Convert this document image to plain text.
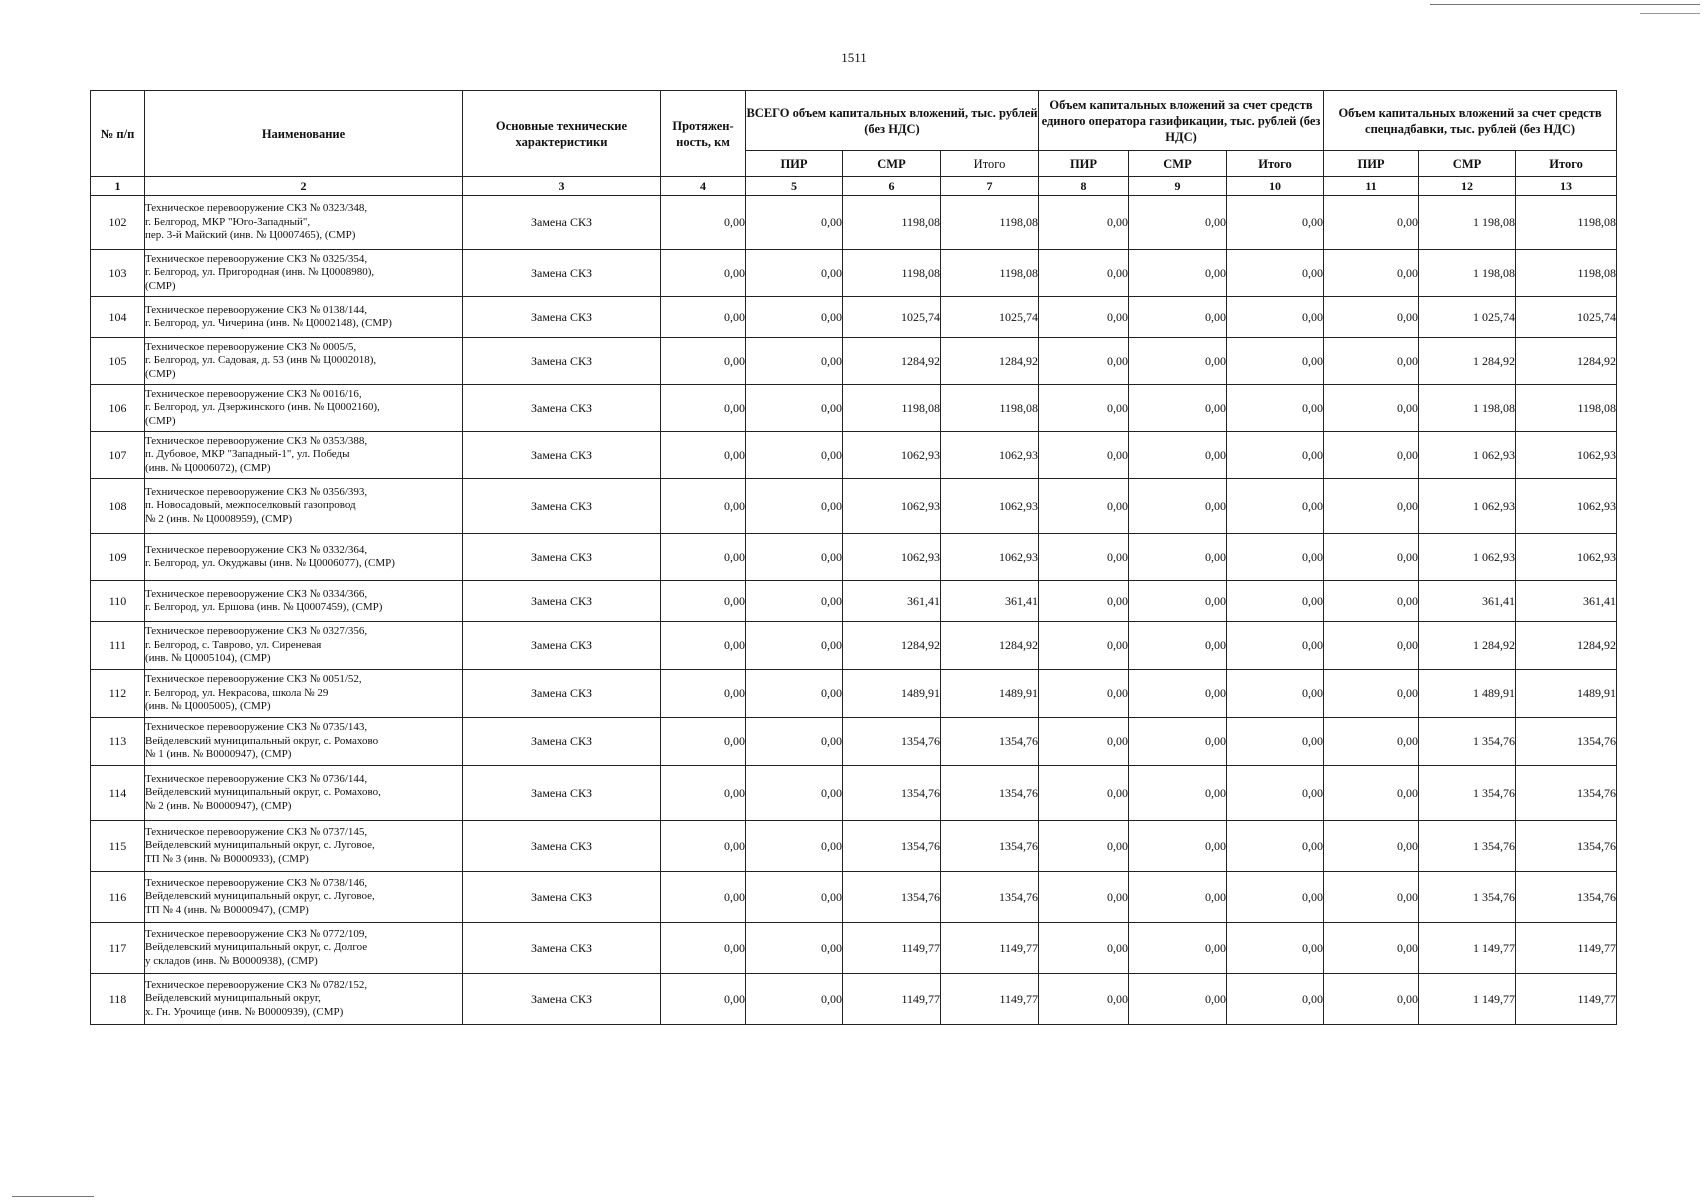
1511
№ п/п	Наименование	Основные технические характеристики	Протяжен-ность, км	ВСЕГО объем капитальных вложений, тыс. рублей (без НДС)			Объем капитальных вложений за счет средств единого оператора газификации, тыс. рублей (без НДС)			Объем капитальных вложений за счет средств спецнадбавки, тыс. рублей (без НДС)		
				ПИР	СМР	Итого	ПИР	СМР	Итого	ПИР	СМР	Итого
1	2	3	4	5	6	7	8	9	10	11	12	13
102	Техническое перевооружение СКЗ № 0323/348,
г. Белгород, МКР "Юго-Западный",
пер. 3-й Майский (инв. № Ц0007465), (СМР)	Замена СКЗ	0,00	0,00	1198,08	1198,08	0,00	0,00	0,00	0,00	1 198,08	1198,08
103	Техническое перевооружение СКЗ № 0325/354,
г. Белгород, ул. Пригородная (инв. № Ц0008980),
(СМР)	Замена СКЗ	0,00	0,00	1198,08	1198,08	0,00	0,00	0,00	0,00	1 198,08	1198,08
104	Техническое перевооружение СКЗ № 0138/144,
г. Белгород, ул. Чичерина (инв. № Ц0002148), (СМР)	Замена СКЗ	0,00	0,00	1025,74	1025,74	0,00	0,00	0,00	0,00	1 025,74	1025,74
105	Техническое перевооружение СКЗ № 0005/5,
г. Белгород, ул. Садовая, д. 53 (инв № Ц0002018),
(СМР)	Замена СКЗ	0,00	0,00	1284,92	1284,92	0,00	0,00	0,00	0,00	1 284,92	1284,92
106	Техническое перевооружение СКЗ № 0016/16,
г. Белгород, ул. Дзержинского (инв. № Ц0002160),
(СМР)	Замена СКЗ	0,00	0,00	1198,08	1198,08	0,00	0,00	0,00	0,00	1 198,08	1198,08
107	Техническое перевооружение СКЗ № 0353/388,
п. Дубовое, МКР "Западный-1", ул. Победы
(инв. № Ц0006072), (СМР)	Замена СКЗ	0,00	0,00	1062,93	1062,93	0,00	0,00	0,00	0,00	1 062,93	1062,93
108	Техническое перевооружение СКЗ № 0356/393,
п. Новосадовый, межпоселковый газопровод
№ 2 (инв. № Ц0008959), (СМР)	Замена СКЗ	0,00	0,00	1062,93	1062,93	0,00	0,00	0,00	0,00	1 062,93	1062,93
109	Техническое перевооружение СКЗ № 0332/364,
г. Белгород, ул. Окуджавы (инв. № Ц0006077), (СМР)	Замена СКЗ	0,00	0,00	1062,93	1062,93	0,00	0,00	0,00	0,00	1 062,93	1062,93
110	Техническое перевооружение СКЗ № 0334/366,
г. Белгород, ул. Ершова (инв. № Ц0007459), (СМР)	Замена СКЗ	0,00	0,00	361,41	361,41	0,00	0,00	0,00	0,00	361,41	361,41
111	Техническое перевооружение СКЗ № 0327/356,
г. Белгород, с. Таврово, ул. Сиреневая
(инв. № Ц0005104), (СМР)	Замена СКЗ	0,00	0,00	1284,92	1284,92	0,00	0,00	0,00	0,00	1 284,92	1284,92
112	Техническое перевооружение СКЗ № 0051/52,
г. Белгород, ул. Некрасова, школа № 29
(инв. № Ц0005005), (СМР)	Замена СКЗ	0,00	0,00	1489,91	1489,91	0,00	0,00	0,00	0,00	1 489,91	1489,91
113	Техническое перевооружение СКЗ № 0735/143,
Вейделевский муниципальный округ, с. Ромахово
№ 1 (инв. № В0000947), (СМР)	Замена СКЗ	0,00	0,00	1354,76	1354,76	0,00	0,00	0,00	0,00	1 354,76	1354,76
114	Техническое перевооружение СКЗ № 0736/144,
Вейделевский муниципальный округ, с. Ромахово,
№ 2 (инв. № В0000947), (СМР)	Замена СКЗ	0,00	0,00	1354,76	1354,76	0,00	0,00	0,00	0,00	1 354,76	1354,76
115	Техническое перевооружение СКЗ № 0737/145,
Вейделевский муниципальный округ, с. Луговое,
ТП № 3 (инв. № В0000933), (СМР)	Замена СКЗ	0,00	0,00	1354,76	1354,76	0,00	0,00	0,00	0,00	1 354,76	1354,76
116	Техническое перевооружение СКЗ № 0738/146,
Вейделевский муниципальный округ, с. Луговое,
ТП № 4 (инв. № В0000947), (СМР)	Замена СКЗ	0,00	0,00	1354,76	1354,76	0,00	0,00	0,00	0,00	1 354,76	1354,76
117	Техническое перевооружение СКЗ № 0772/109,
Вейделевский муниципальный округ, с. Долгое
у складов (инв. № В0000938), (СМР)	Замена СКЗ	0,00	0,00	1149,77	1149,77	0,00	0,00	0,00	0,00	1 149,77	1149,77
118	Техническое перевооружение СКЗ № 0782/152,
Вейделевский муниципальный округ,
х. Гн. Урочище (инв. № В0000939), (СМР)	Замена СКЗ	0,00	0,00	1149,77	1149,77	0,00	0,00	0,00	0,00	1 149,77	1149,77
